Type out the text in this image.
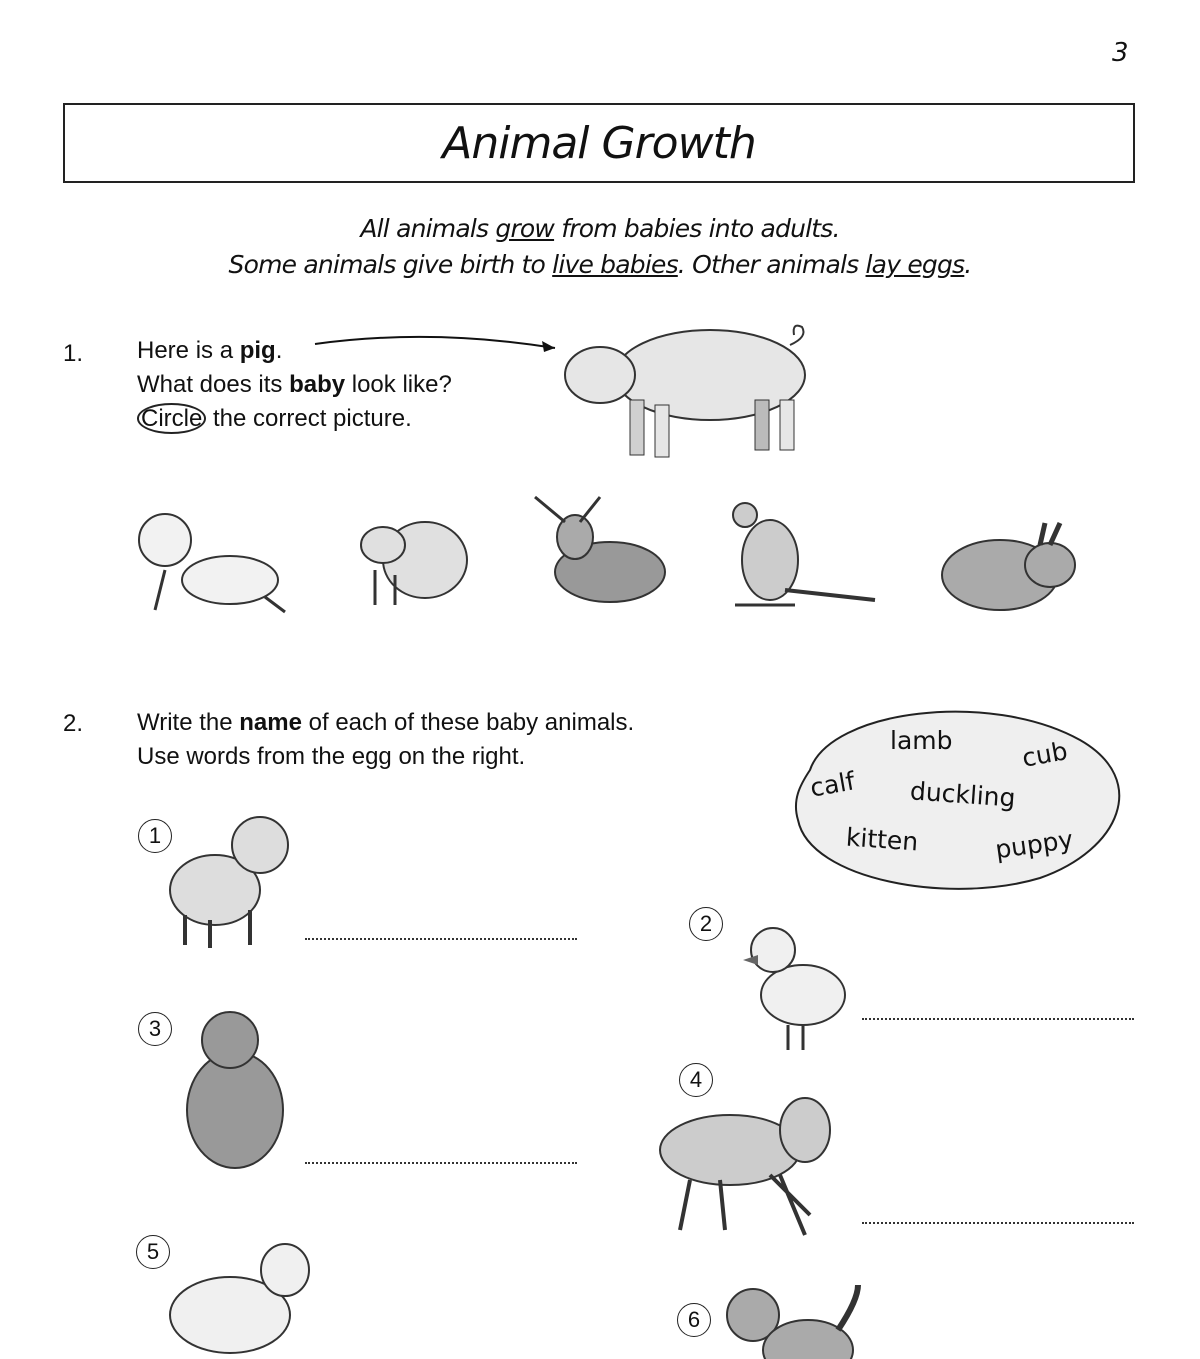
3
Animal Growth
All animals grow from babies into adults.
Some animals give birth to live babies. Other animals lay eggs.
1. Here is a pig.
What does its baby look like?
Circle the correct picture.
2. Write the name of each of these baby animals.
Use words from the egg on the right.
lamb	cub
calf duckling
kitten	puppy
1
2
3
4
5
6
